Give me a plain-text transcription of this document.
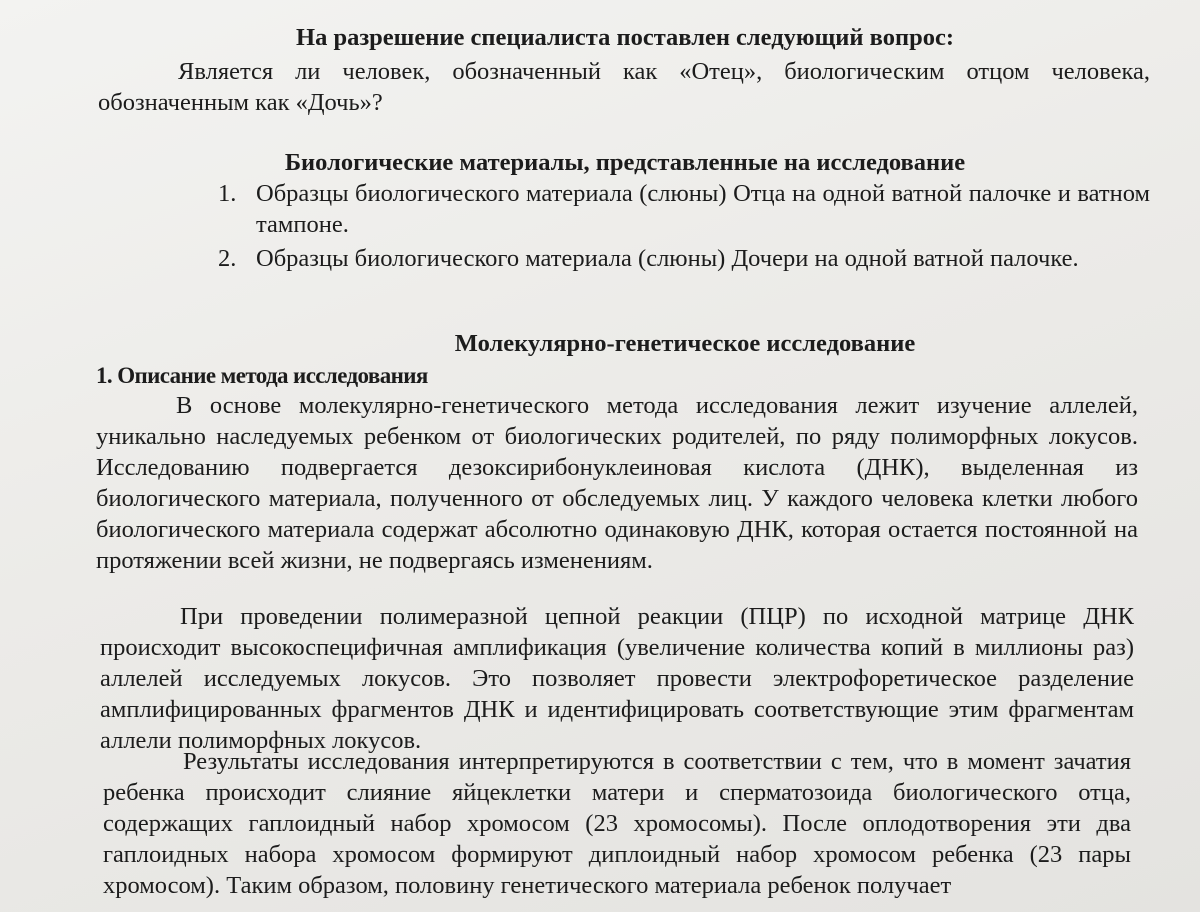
На разрешение специалиста поставлен следующий вопрос:

Является ли человек, обозначенный как «Отец», биологическим отцом человека, обозначенным как «Дочь»?

Биологические материалы, представленные на исследование
1. Образцы биологического материала (слюны) Отца на одной ватной палочке и ватном тампоне.
2. Образцы биологического материала (слюны) Дочери на одной ватной палочке.
Молекулярно-генетическое исследование
1. Описание метода исследования

В основе молекулярно-генетического метода исследования лежит изучение аллелей, уникально наследуемых ребенком от биологических родителей, по ряду полиморфных локусов. Исследованию подвергается дезоксирибонуклеиновая кислота (ДНК), выделенная из биологического материала, полученного от обследуемых лиц. У каждого человека клетки любого биологического материала содержат абсолютно одинаковую ДНК, которая остается постоянной на протяжении всей жизни, не подвергаясь изменениям.

При проведении полимеразной цепной реакции (ПЦР) по исходной матрице ДНК происходит высокоспецифичная амплификация (увеличение количества копий в миллионы раз) аллелей исследуемых локусов. Это позволяет провести электрофоретическое разделение амплифицированных фрагментов ДНК и идентифицировать соответствующие этим фрагментам аллели полиморфных локусов.

Результаты исследования интерпретируются в соответствии с тем, что в момент зачатия ребенка происходит слияние яйцеклетки матери и сперматозоида биологического отца, содержащих гаплоидный набор хромосом (23 хромосомы). После оплодотворения эти два гаплоидных набора хромосом формируют диплоидный набор хромосом ребенка (23 пары хромосом). Таким образом, половину генетического материала ребенок получает
